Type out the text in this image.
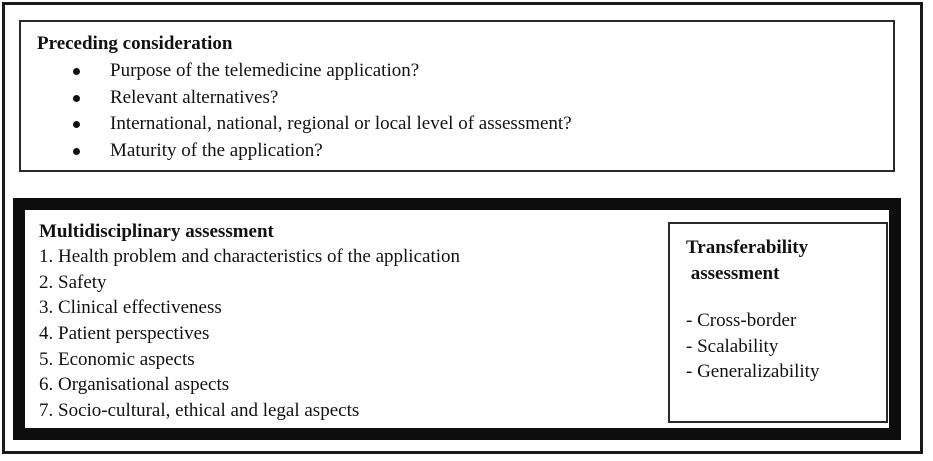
Preceding consideration
Purpose of the telemedicine application?
Relevant alternatives?
International, national, regional or local level of assessment?
Maturity of the application?
Multidisciplinary assessment
1. Health problem and characteristics of the application
2. Safety
3. Clinical effectiveness
4. Patient perspectives
5. Economic aspects
6. Organisational aspects
7. Socio-cultural, ethical and legal aspects
Transferability
assessment
- Cross-border
- Scalability
- Generalizability
